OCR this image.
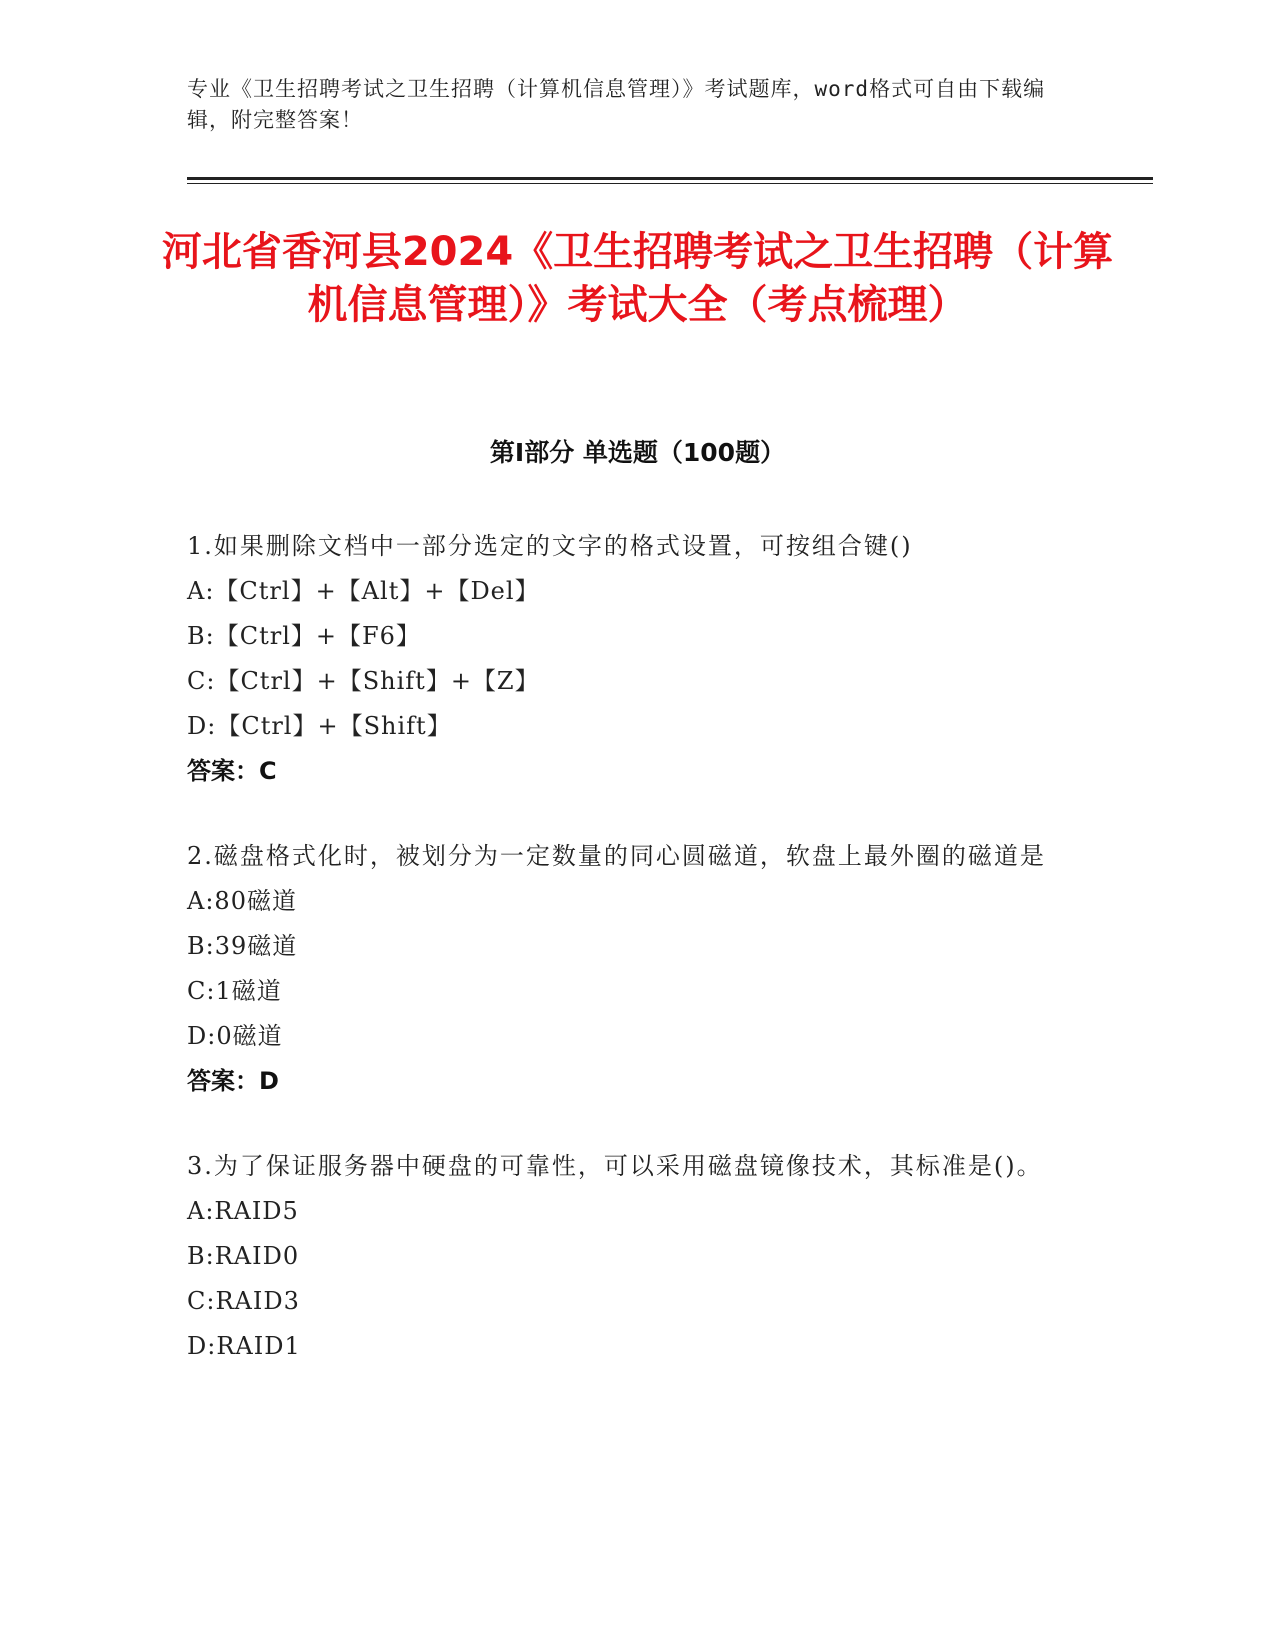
专业《卫生招聘考试之卫生招聘（计算机信息管理）》考试题库，word格式可自由下载编辑，附完整答案！
河北省香河县2024《卫生招聘考试之卫生招聘（计算机信息管理）》考试大全（考点梳理）
第Ⅰ部分 单选题（100题）
1.如果删除文档中一部分选定的文字的格式设置，可按组合键()
A:【Ctrl】+【Alt】+【Del】
B:【Ctrl】+【F6】
C:【Ctrl】+【Shift】+【Z】
D:【Ctrl】+【Shift】
答案：C
2.磁盘格式化时，被划分为一定数量的同心圆磁道，软盘上最外圈的磁道是
A:80磁道
B:39磁道
C:1磁道
D:0磁道
答案：D
3.为了保证服务器中硬盘的可靠性，可以采用磁盘镜像技术，其标准是()。
A:RAID5
B:RAID0
C:RAID3
D:RAID1
